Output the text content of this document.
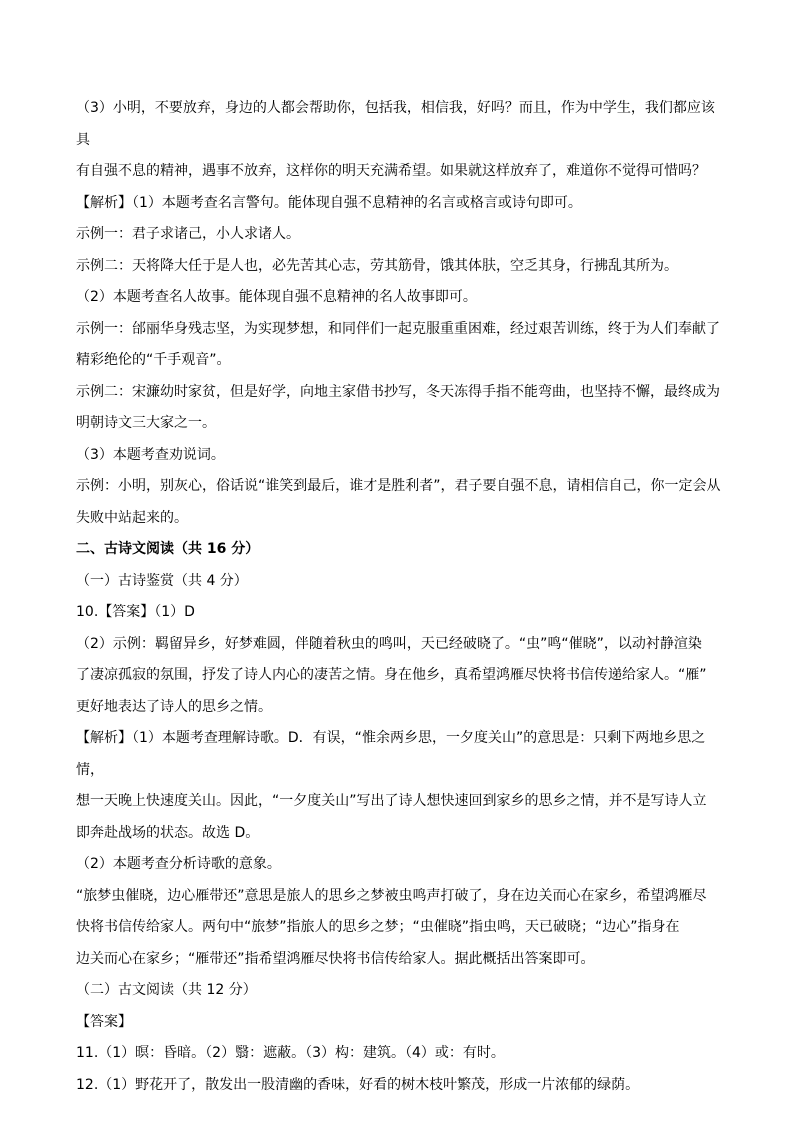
（3）小明，不要放弃，身边的人都会帮助你，包括我，相信我，好吗？而且，作为中学生，我们都应该具

有自强不息的精神，遇事不放弃，这样你的明天充满希望。如果就这样放弃了，难道你不觉得可惜吗？

【解析】（1）本题考查名言警句。能体现自强不息精神的名言或格言或诗句即可。

示例一：君子求诸己，小人求诸人。

示例二：天将降大任于是人也，必先苦其心志，劳其筋骨，饿其体肤，空乏其身，行拂乱其所为。

（2）本题考查名人故事。能体现自强不息精神的名人故事即可。

示例一：邰丽华身残志坚，为实现梦想，和同伴们一起克服重重困难，经过艰苦训练，终于为人们奉献了

精彩绝伦的“千手观音”。

示例二：宋濂幼时家贫，但是好学，向地主家借书抄写，冬天冻得手指不能弯曲，也坚持不懈，最终成为

明朝诗文三大家之一。

（3）本题考查劝说词。

示例：小明，别灰心，俗话说“谁笑到最后，谁才是胜利者”，君子要自强不息，请相信自己，你一定会从

失败中站起来的。

二、古诗文阅读（共 16 分）

（一）古诗鉴赏（共 4 分）

10.【答案】（1）D

（2）示例：羁留异乡，好梦难圆，伴随着秋虫的鸣叫，天已经破晓了。“虫”鸣“催晓”，以动衬静渲染

了凄凉孤寂的氛围，抒发了诗人内心的凄苦之情。身在他乡，真希望鸿雁尽快将书信传递给家人。“雁”

更好地表达了诗人的思乡之情。

【解析】（1）本题考查理解诗歌。D．有误，“惟余两乡思，一夕度关山”的意思是：只剩下两地乡思之情，

想一天晚上快速度关山。因此，“一夕度关山”写出了诗人想快速回到家乡的思乡之情，并不是写诗人立

即奔赴战场的状态。故选 D。

（2）本题考查分析诗歌的意象。

“旅梦虫催晓，边心雁带还”意思是旅人的思乡之梦被虫鸣声打破了，身在边关而心在家乡，希望鸿雁尽

快将书信传给家人。两句中“旅梦”指旅人的思乡之梦；“虫催晓”指虫鸣，天已破晓；“边心”指身在

边关而心在家乡；“雁带还”指希望鸿雁尽快将书信传给家人。据此概括出答案即可。

（二）古文阅读（共 12 分）

【答案】

11.（1）暝：昏暗。（2）翳：遮蔽。（3）构：建筑。（4）或：有时。

12.（1）野花开了，散发出一股清幽的香味，好看的树木枝叶繁茂，形成一片浓郁的绿荫。
